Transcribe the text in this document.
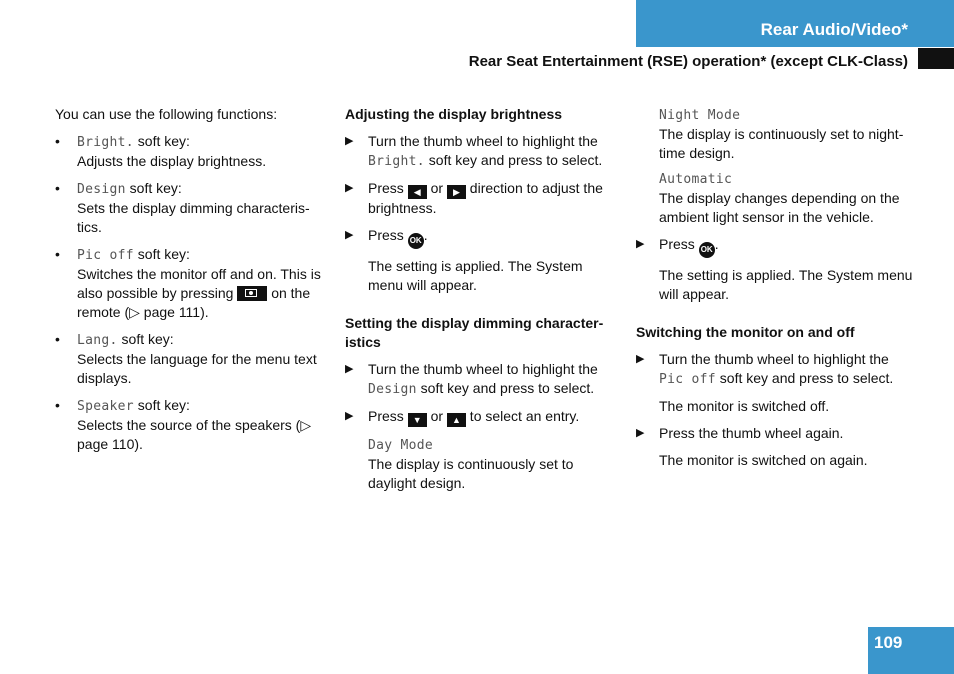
Rear Audio/Video*
Rear Seat Entertainment (RSE) operation* (except CLK-Class)

You can use the following functions:

• Bright. soft key:
Adjusts the display brightness.
• Design soft key:
Sets the display dimming characteris-tics.
• Pic off soft key:
Switches the monitor off and on. This is also possible by pressing
on the remote (▷ page 111).
• Lang. soft key:
Selects the language for the menu text displays.
• Speaker soft key:
Selects the source of the speakers (▷ page 110).

Adjusting the display brightness

▶ Turn the thumb wheel to highlight the Bright. soft key and press to select.
▶ Press ◀ or ▶ direction to adjust the brightness.
▶ Press OK .

The setting is applied. The System menu will appear.

Setting the display dimming character-istics

▶ Turn the thumb wheel to highlight the Design soft key and press to select.
▶ Press ▼ or ▲ to select an entry.
Day Mode
The display is continuously set to daylight design.
Night Mode
The display is continuously set to night-time design.
Automatic
The display changes depending on the ambient light sensor in the vehicle.
▶ Press OK .

The setting is applied. The System menu will appear.

Switching the monitor on and off

▶ Turn the thumb wheel to highlight the Pic off soft key and press to select.

The monitor is switched off.

▶ Press the thumb wheel again.

The monitor is switched on again.

109
